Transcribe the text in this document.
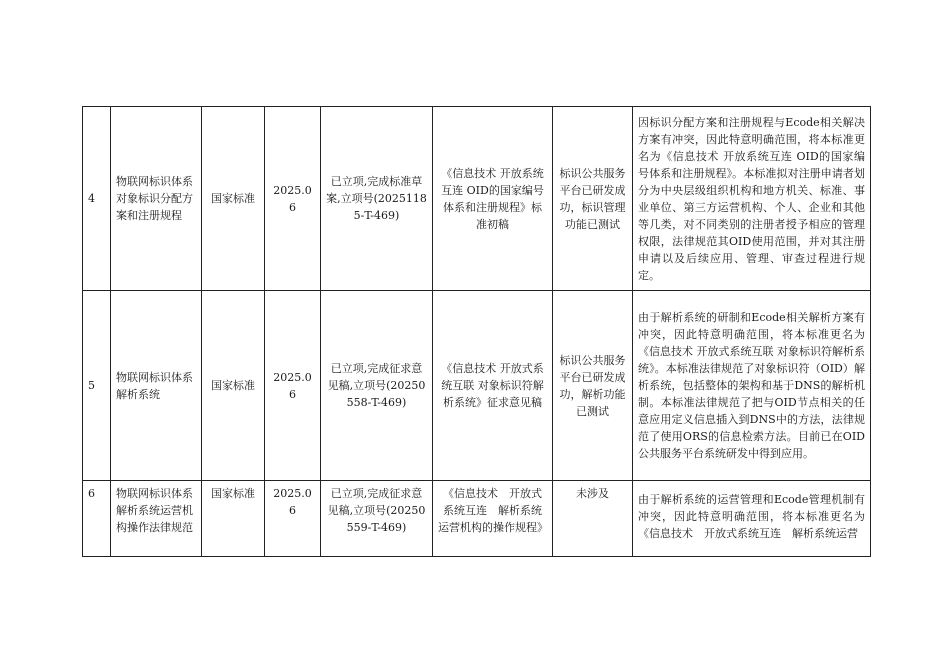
4	物联网标识体系　对象标识分配方案和注册规程	国家标准	2025.06	已立项,完成标准草案,立项号(20251185-T-469)	《信息技术 开放系统互连 OID的国家编号体系和注册规程》标准初稿	标识公共服务平台已研发成功，标识管理功能已测试	因标识分配方案和注册规程与Ecode相关解决方案有冲突，因此特意明确范围，将本标准更名为《信息技术 开放系统互连 OID的国家编号体系和注册规程》。本标准拟对注册申请者划分为中央层级组织机构和地方机关、标准、事业单位、第三方运营机构、个人、企业和其他等几类，对不同类别的注册者授予相应的管理权限，法律规范其OID使用范围，并对其注册申请以及后续应用、管理、审查过程进行规定。
5	物联网标识体系 解析系统	国家标准	2025.06	已立项,完成征求意见稿,立项号(20250558-T-469)	《信息技术 开放式系统互联 对象标识符解析系统》征求意见稿	标识公共服务平台已研发成功，解析功能已测试	由于解析系统的研制和Ecode相关解析方案有冲突，因此特意明确范围，将本标准更名为《信息技术 开放式系统互联 对象标识符解析系统》。本标准法律规范了对象标识符（OID）解析系统，包括整体的架构和基于DNS的解析机制。本标准法律规范了把与OID节点相关的任意应用定义信息插入到DNS中的方法，法律规范了使用ORS的信息检索方法。目前已在OID公共服务平台系统研发中得到应用。
6	物联网标识体系 解析系统运营机构操作法律规范	国家标准	2025.06	已立项,完成征求意见稿,立项号(20250559-T-469)	《信息技术　开放式系统互连　解析系统运营机构的操作规程》	未涉及	由于解析系统的运营管理和Ecode管理机制有冲突，因此特意明确范围，将本标准更名为《信息技术　开放式系统互连　解析系统运营
